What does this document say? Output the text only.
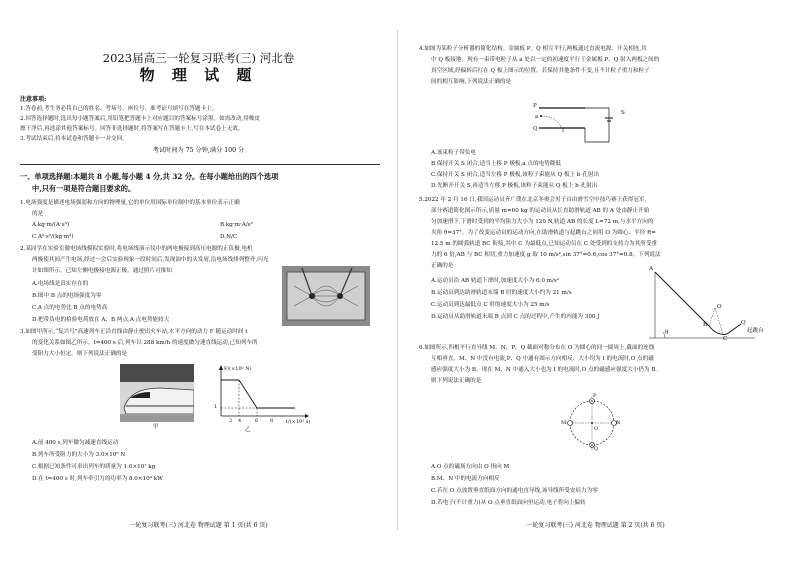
2023届高三一轮复习联考(三) 河北卷
物 理 试 题
注意事项:
1.答卷前,考生务必将自己的姓名、考场号、座位号、准考证号填写在答题卡上。
2.回答选择题时,选出每小题答案后,用铅笔把答题卡上对应题目的答案标号涂黑。如需改动,用橡皮
擦干净后,再选涂其他答案标号。回答非选择题时,将答案写在答题卡上,写在本试卷上无效。
3.考试结束后,将本试卷和答题卡一并交回。
考试时间为 75 分钟,满分 100 分
一、单项选择题:本题共 8 小题,每小题 4 分,共 32 分。在每小题给出的四个选项
中,只有一项是符合题目要求的。
1.电场强度是描述电场强弱和方向的物理量,它的单位用国际单位制中的基本单位表示正确
的是
A.kg·m/(A·s³)	B.kg·m·A/s³
C.A²·s³/(kg·m²)	D.N/C
2.某同学在实验室做电场线模拟实验时,将电场线演示仪中的两电极接到高压电源的正负极,电机
两极使其间产生电场,经过一会后实验现象一段时间后,发现油中的头发屑,沿电场线排列整齐,闪光
计如图所示。已知左侧电极接电源正极。通过照片可推知
A.电场线是真实存在的
B.图中 B 点的电场强度为零
C.A 点的电势比 B 点的电势高
D.把带负电的检验电荷放在 A、B 两点,A 点电势能较大
3.如图甲所示,“复兴号”高速列车正沿直线由静止驶出火车站,水平方向的动力 F 随运动时间 t
的变化关系如图乙所示。t=400 s 后,列车以 288 km/h 的速度做匀速直线运动,已知列车所
受阻力大小恒定。则下列说法正确的是
甲
F/(×10⁵ N)
t/(×10² s)
1
2 4	6 8
乙
A.前 400 s,列车做匀减速直线运动
B.列车所受阻力的大小为 3.0×10⁵ N
C.根据已知条件可求出列车的质量为 1.0×10⁷ kg
D.在 t=400 s 时,列车牵引力的功率为 8.0×10⁴ kW
一轮复习联考(三) 河北卷 物理试题 第 1 页(共 6 页)
4.如图为某粒子分析器的简化结构。金属板 P、Q 相互平行,两板通过直流电源、开关相连,其
中 Q 板接地。现有一束带电粒子从 a 处以一定的初速度平行于金属板 P、Q 射入两板之间的
真空区域,经偏转后打在 Q 板上图示的位置。若保持其他条件不变,且不计粒子重力和粒子
间的相互影响,下列说法正确的是
P
Q
S
a
A.该束粒子带负电
B.保持开关 S 闭合,适当上移 P 极板,a 点的电势降低
C.保持开关 S 闭合,适当左移 P 极板,该粒子束能从 Q 板上 b 孔射出
D.先断开开关 S,再适当左移 P 极板,该粒子束能从 Q 板上 b 孔射出
5.2022 年 2 月 16 日,我国运动员齐广璞在北京冬奥会男子自由滑雪空中技巧赛上获得冠军,
部分赛道简化图示所示,质量 m=60 kg 的运动员从长直助滑轨道 AB 的 A 处由静止开始
匀加速滑下,下滑时受到的平均阻力大小为 120 N,轨道 AB 的长度 L=72 m,与水平方向的
夹角 θ=37°。为了改变运动员的运动方向,在助滑轨道与起跳台之间用 O 为圆心、半径 R=
12.5 m 的圆弧轨道 BC 衔接,其中 C 为最低点,已知运动员在 C 处受到的支持力为其所受重
力的 6 倍,AB 与 BC 相切,重力加速度 g 取 10 m/s²,sin 37°=0.6,cos 37°=0.8。下列说法
正确的是
A.运动员沿 AB 轨道下滑时,加速度大小为 6.0 m/s²
B.运动员到达助滑轨道末端 B 时的速度大小约为 21 m/s
C.运动员到达最低点 C 时的速度大小为 25 m/s
D.运动员从助滑轨道末端 B 点到 C 点的过程中,产生的内能为 300 J
A
B
C
O
θ
Q
起跳台
6.如图所示,四根平行直导线 M、N、P、Q 截面对称分布在 O 为圆心的同一圆周上,截面的连线
互相垂直。M、N 中没有电流,P、Q 中通有图示方向相反、大小均为 I 的电流时,O 点的磁
感应强度大小为 B。现在 M、N 中通入大小也为 I 的电流时,O 点的磁感应强度大小仍为 B。
则下列说法正确的是
P
Q
M	N
O
A.O 点的磁场方向由 O 指向 M
B.M、N 中的电流方向相反
C.若在 O 点放置垂直纸面方向的通电直导线,该导线所受安培力为零
D.若电子(不计重力)从 O 点垂直纸面向里运动,电子将向上偏转
一轮复习联考(三) 河北卷 物理试题 第 2 页(共 6 页)
